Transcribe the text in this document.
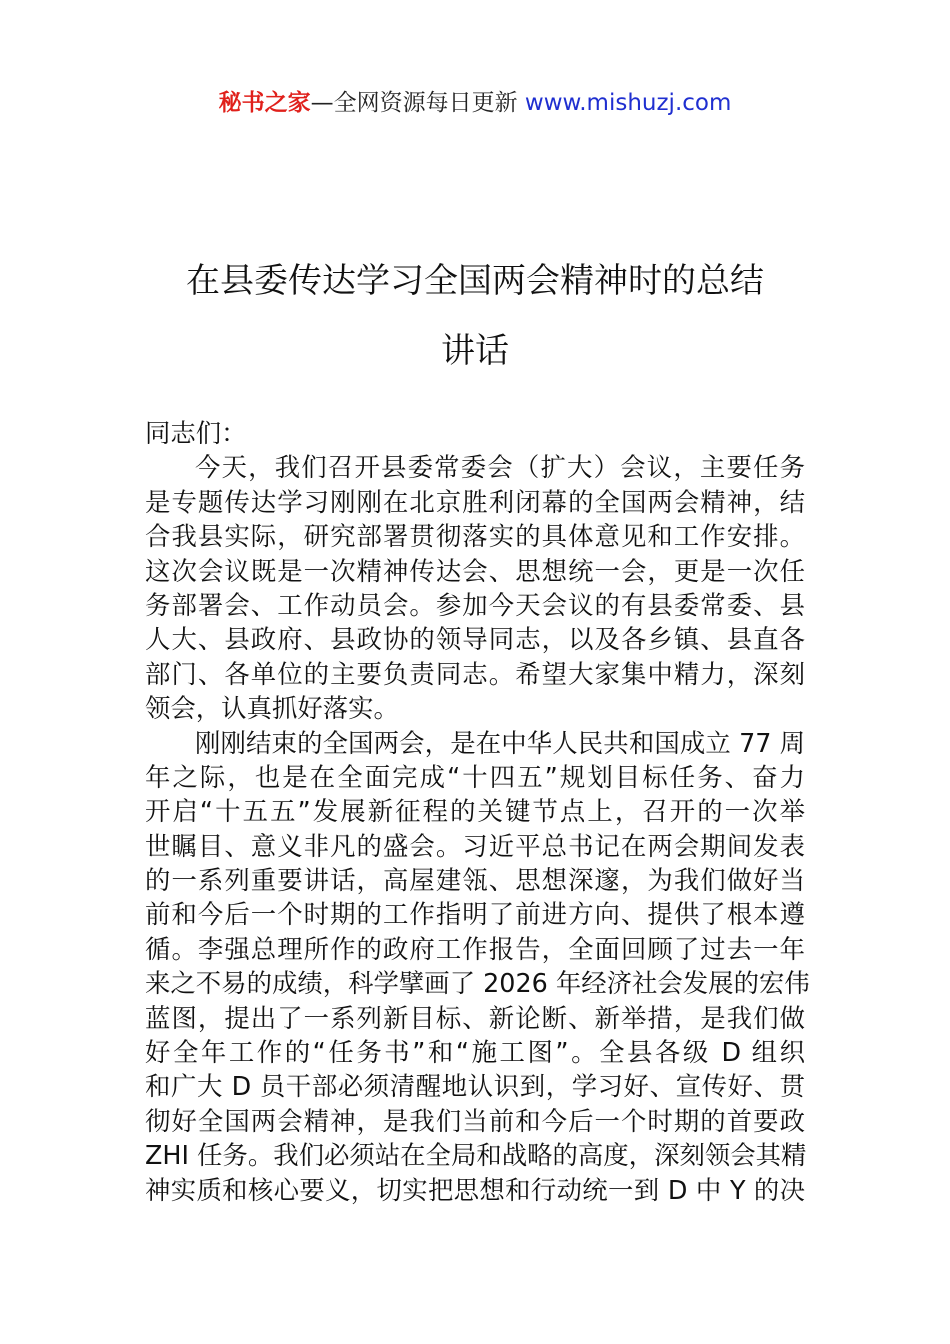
秘书之家—全网资源每日更新 www.mishuzj.com
在县委传达学习全国两会精神时的总结
讲话
同志们：
今天，我们召开县委常委会（扩大）会议，主要任务
是专题传达学习刚刚在北京胜利闭幕的全国两会精神，结
合我县实际，研究部署贯彻落实的具体意见和工作安排。
这次会议既是一次精神传达会、思想统一会，更是一次任
务部署会、工作动员会。参加今天会议的有县委常委、县
人大、县政府、县政协的领导同志，以及各乡镇、县直各
部门、各单位的主要负责同志。希望大家集中精力，深刻
领会，认真抓好落实。
刚刚结束的全国两会，是在中华人民共和国成立 77 周
年之际，也是在全面完成“十四五”规划目标任务、奋力
开启“十五五”发展新征程的关键节点上，召开的一次举
世瞩目、意义非凡的盛会。习近平总书记在两会期间发表
的一系列重要讲话，高屋建瓴、思想深邃，为我们做好当
前和今后一个时期的工作指明了前进方向、提供了根本遵
循。李强总理所作的政府工作报告，全面回顾了过去一年
来之不易的成绩，科学擘画了 2026 年经济社会发展的宏伟
蓝图，提出了一系列新目标、新论断、新举措，是我们做
好全年工作的“任务书”和“施工图”。全县各级 D 组织
和广大 D 员干部必须清醒地认识到，学习好、宣传好、贯
彻好全国两会精神，是我们当前和今后一个时期的首要政
ZHI 任务。我们必须站在全局和战略的高度，深刻领会其精
神实质和核心要义，切实把思想和行动统一到 D 中 Y 的决
